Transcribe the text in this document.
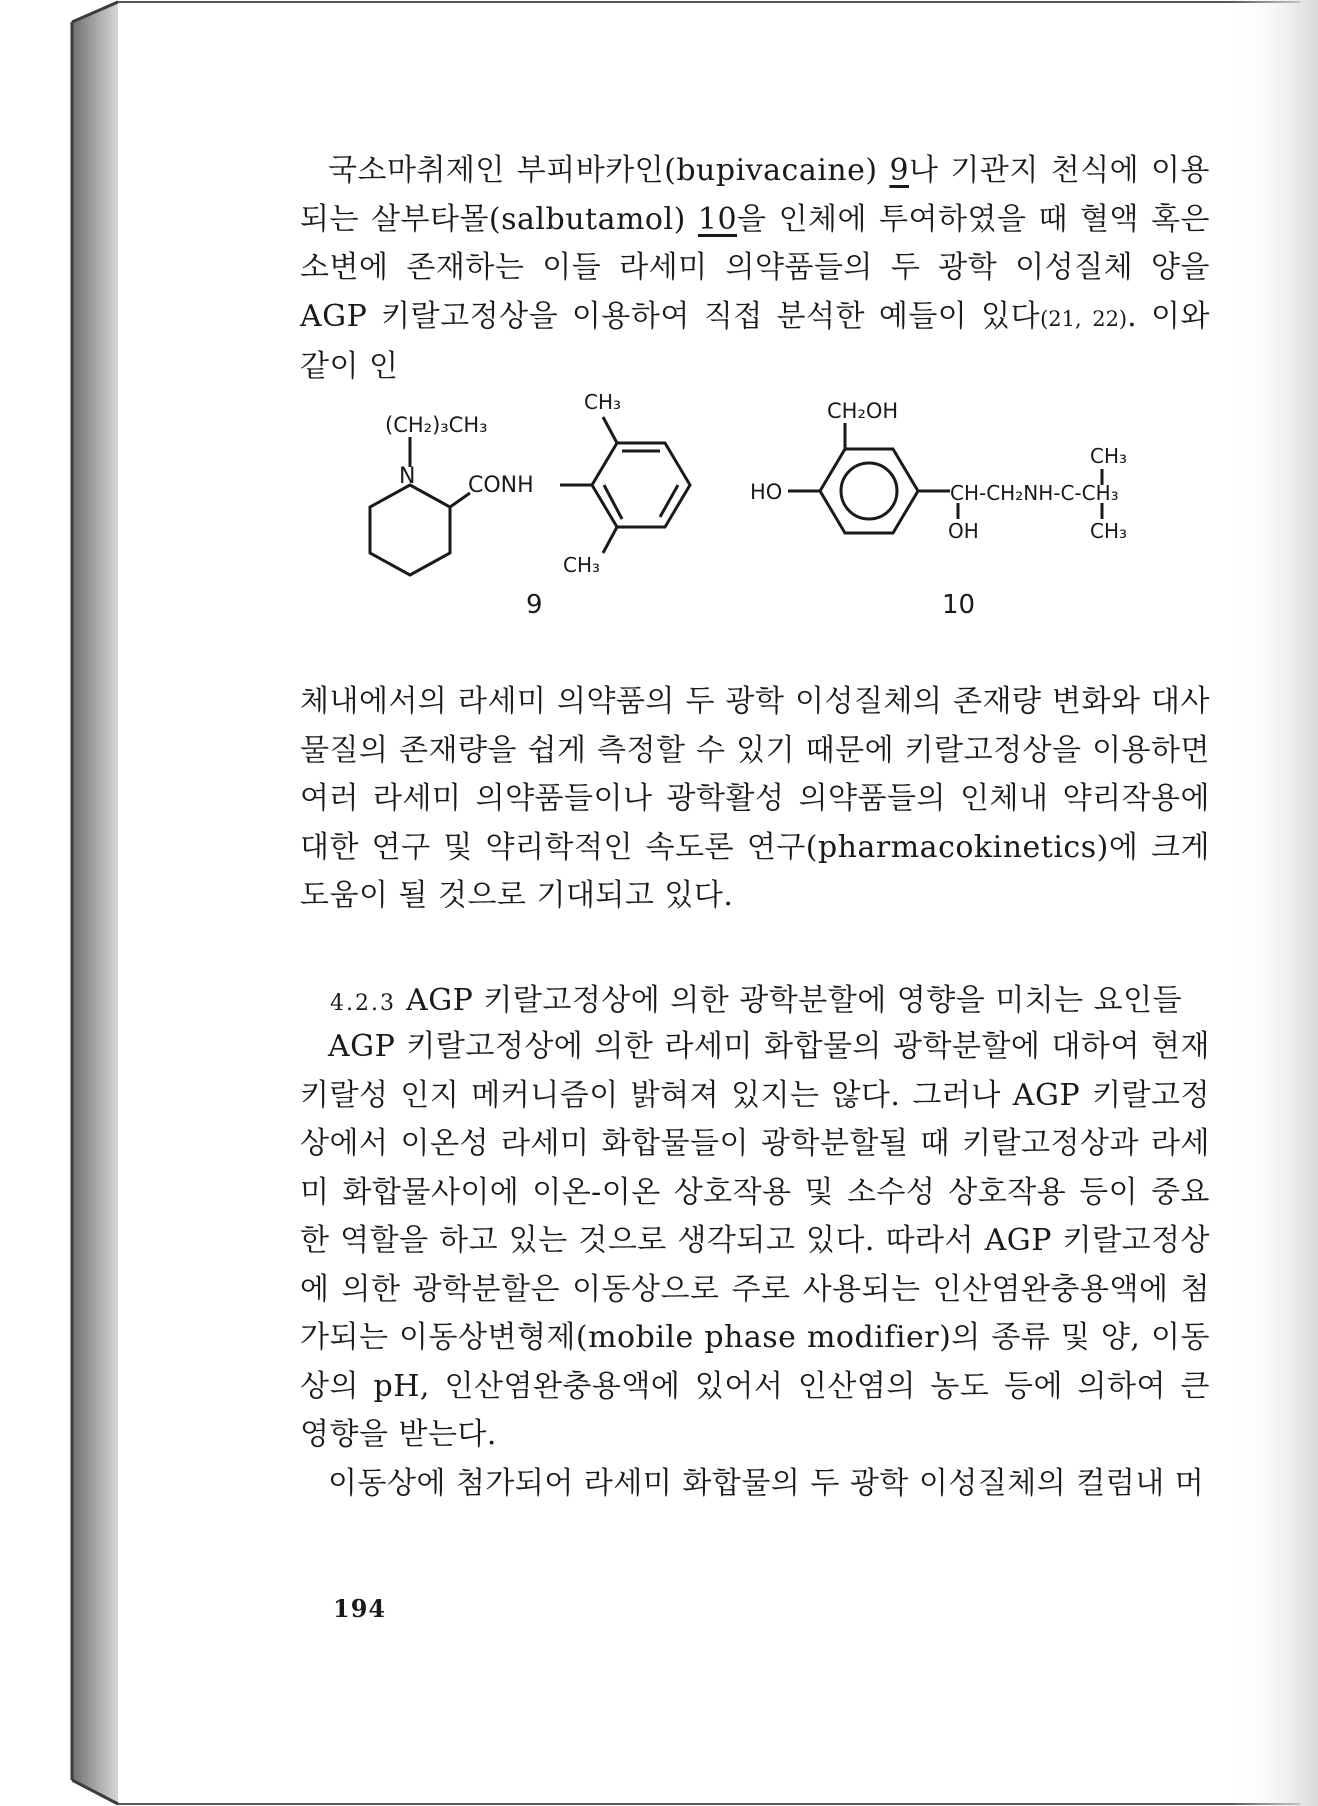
국소마취제인 부피바카인(bupivacaine) 9나 기관지 천식에 이용되는 살부타몰(salbutamol) 10을 인체에 투여하였을 때 혈액 혹은 소변에 존재하는 이들 라세미 의약품들의 두 광학 이성질체 양을 AGP 키랄고정상을 이용하여 직접 분석한 예들이 있다(21, 22). 이와 같이 인

(CH₂)₃CH₃
N CONH
CH₃
CH₃
9
CH₂OH
HO	CH-CH₂NH-C-CH₃
OH
CH₃
CH₃
10

체내에서의 라세미 의약품의 두 광학 이성질체의 존재량 변화와 대사물질의 존재량을 쉽게 측정할 수 있기 때문에 키랄고정상을 이용하면 여러 라세미 의약품들이나 광학활성 의약품들의 인체내 약리작용에 대한 연구 및 약리학적인 속도론 연구(pharmacokinetics)에 크게 도움이 될 것으로 기대되고 있다.

4.2.3 AGP 키랄고정상에 의한 광학분할에 영향을 미치는 요인들

AGP 키랄고정상에 의한 라세미 화합물의 광학분할에 대하여 현재 키랄성 인지 메커니즘이 밝혀져 있지는 않다. 그러나 AGP 키랄고정상에서 이온성 라세미 화합물들이 광학분할될 때 키랄고정상과 라세미 화합물사이에 이온-이온 상호작용 및 소수성 상호작용 등이 중요한 역할을 하고 있는 것으로 생각되고 있다. 따라서 AGP 키랄고정상에 의한 광학분할은 이동상으로 주로 사용되는 인산염완충용액에 첨가되는 이동상변형제(mobile phase modifier)의 종류 및 양, 이동상의 pH, 인산염완충용액에 있어서 인산염의 농도 등에 의하여 큰 영향을 받는다.

이동상에 첨가되어 라세미 화합물의 두 광학 이성질체의 컬럼내 머

194
